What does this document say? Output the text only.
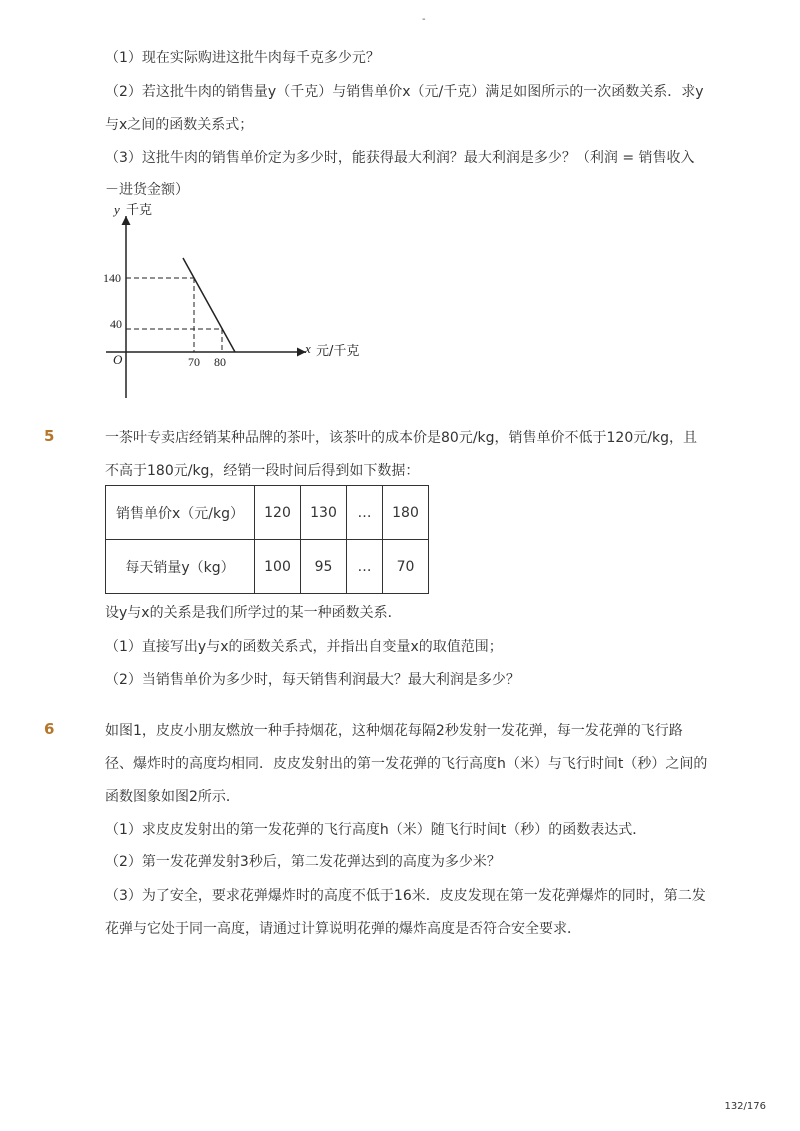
-
（1）现在实际购进这批牛肉每千克多少元？
（2）若这批牛肉的销售量y（千克）与销售单价x（元/千克）满足如图所示的一次函数关系．求y
与x之间的函数关系式；
（3）这批牛肉的销售单价定为多少时，能获得最大利润？最大利润是多少？（利润 = 销售收入
－进货金额）
y 千克
x 元/千克
O
140
40
70 80
5	一茶叶专卖店经销某种品牌的茶叶，该茶叶的成本价是80元/kg，销售单价不低于120元/kg，且
不高于180元/kg，经销一段时间后得到如下数据：
销售单价x（元/kg）	120	130	…	180
每天销量y（kg）	100	95	…	70
设y与x的关系是我们所学过的某一种函数关系．
（1）直接写出y与x的函数关系式，并指出自变量x的取值范围；
（2）当销售单价为多少时，每天销售利润最大？最大利润是多少？
6	如图1，皮皮小朋友燃放一种手持烟花，这种烟花每隔2秒发射一发花弹，每一发花弹的飞行路
径、爆炸时的高度均相同．皮皮发射出的第一发花弹的飞行高度h（米）与飞行时间t（秒）之间的
函数图象如图2所示．
（1）求皮皮发射出的第一发花弹的飞行高度h（米）随飞行时间t（秒）的函数表达式．
（2）第一发花弹发射3秒后，第二发花弹达到的高度为多少米？
（3）为了安全，要求花弹爆炸时的高度不低于16米．皮皮发现在第一发花弹爆炸的同时，第二发
花弹与它处于同一高度，请通过计算说明花弹的爆炸高度是否符合安全要求．
132/176
